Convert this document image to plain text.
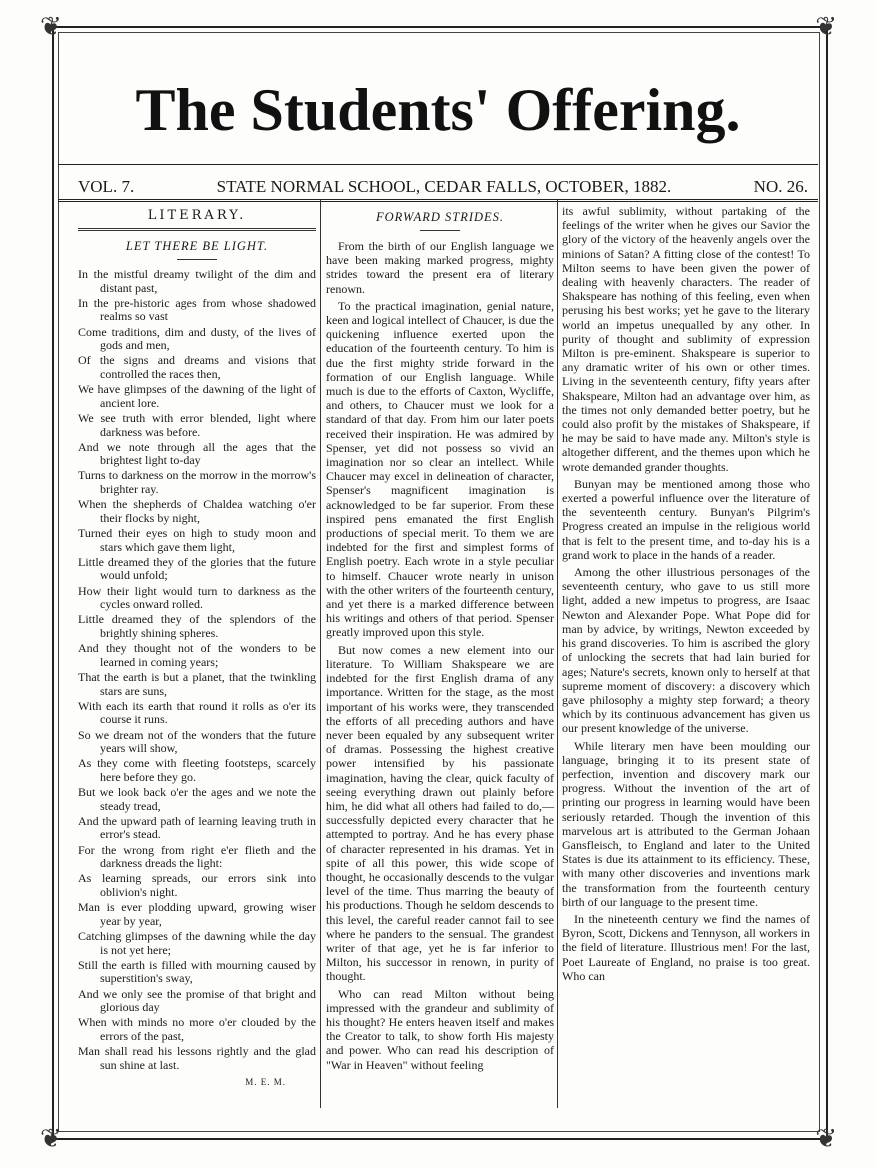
❦	❦
❦	❦
The Students' Offering.
VOL. 7.	STATE NORMAL SCHOOL, CEDAR FALLS, OCTOBER, 1882.	NO. 26.
LITERARY.
LET THERE BE LIGHT.

In the mistful dreamy twilight of the dim and distant past,

In the pre-historic ages from whose shadowed realms so vast

Come traditions, dim and dusty, of the lives of gods and men,

Of the signs and dreams and visions that controlled the races then,

We have glimpses of the dawning of the light of ancient lore.

We see truth with error blended, light where darkness was before.

And we note through all the ages that the brightest light to-day

Turns to darkness on the morrow in the morrow's brighter ray.

When the shepherds of Chaldea watching o'er their flocks by night,

Turned their eyes on high to study moon and stars which gave them light,

Little dreamed they of the glories that the future would unfold;

How their light would turn to darkness as the cycles onward rolled.

Little dreamed they of the splendors of the brightly shining spheres.

And they thought not of the wonders to be learned in coming years;

That the earth is but a planet, that the twinkling stars are suns,

With each its earth that round it rolls as o'er its course it runs.

So we dream not of the wonders that the future years will show,

As they come with fleeting footsteps, scarcely here before they go.

But we look back o'er the ages and we note the steady tread,

And the upward path of learning leaving truth in error's stead.

For the wrong from right e'er flieth and the darkness dreads the light:

As learning spreads, our errors sink into oblivion's night.

Man is ever plodding upward, growing wiser year by year,

Catching glimpses of the dawning while the day is not yet here;

Still the earth is filled with mourning caused by superstition's sway,

And we only see the promise of that bright and glorious day

When with minds no more o'er clouded by the errors of the past,

Man shall read his lessons rightly and the glad sun shine at last.

M. E. M.
FORWARD STRIDES.

From the birth of our English language we have been making marked progress, mighty strides toward the present era of literary renown.

To the practical imagination, genial nature, keen and logical intellect of Chaucer, is due the quickening influence exerted upon the education of the fourteenth century. To him is due the first mighty stride forward in the formation of our English language. While much is due to the efforts of Caxton, Wycliffe, and others, to Chaucer must we look for a standard of that day. From him our later poets received their inspiration. He was admired by Spenser, yet did not possess so vivid an imagination nor so clear an intellect. While Chaucer may excel in delineation of character, Spenser's magnificent imagination is acknowledged to be far superior. From these inspired pens emanated the first English productions of special merit. To them we are indebted for the first and simplest forms of English poetry. Each wrote in a style peculiar to himself. Chaucer wrote nearly in unison with the other writers of the fourteenth century, and yet there is a marked difference between his writings and others of that period. Spenser greatly improved upon this style.

But now comes a new element into our literature. To William Shakspeare we are indebted for the first English drama of any importance. Written for the stage, as the most important of his works were, they transcended the efforts of all preceding authors and have never been equaled by any subsequent writer of dramas. Possessing the highest creative power intensified by his passionate imagination, having the clear, quick faculty of seeing everything drawn out plainly before him, he did what all others had failed to do,—successfully depicted every character that he attempted to portray. And he has every phase of character represented in his dramas. Yet in spite of all this power, this wide scope of thought, he occasionally descends to the vulgar level of the time. Thus marring the beauty of his productions. Though he seldom descends to this level, the careful reader cannot fail to see where he panders to the sensual. The grandest writer of that age, yet he is far inferior to Milton, his successor in renown, in purity of thought.

Who can read Milton without being impressed with the grandeur and sublimity of his thought? He enters heaven itself and makes the Creator to talk, to show forth His majesty and power. Who can read his description of "War in Heaven" without feeling

its awful sublimity, without partaking of the feelings of the writer when he gives our Savior the glory of the victory of the heavenly angels over the minions of Satan? A fitting close of the contest! To Milton seems to have been given the power of dealing with heavenly characters. The reader of Shakspeare has nothing of this feeling, even when perusing his best works; yet he gave to the literary world an impetus unequalled by any other. In purity of thought and sublimity of expression Milton is pre-eminent. Shakspeare is superior to any dramatic writer of his own or other times. Living in the seventeenth century, fifty years after Shakspeare, Milton had an advantage over him, as the times not only demanded better poetry, but he could also profit by the mistakes of Shakspeare, if he may be said to have made any. Milton's style is altogether different, and the themes upon which he wrote demanded grander thoughts.

Bunyan may be mentioned among those who exerted a powerful influence over the literature of the seventeenth century. Bunyan's Pilgrim's Progress created an impulse in the religious world that is felt to the present time, and to-day his is a grand work to place in the hands of a reader.

Among the other illustrious personages of the seventeenth century, who gave to us still more light, added a new impetus to progress, are Isaac Newton and Alexander Pope. What Pope did for man by advice, by writings, Newton exceeded by his grand discoveries. To him is ascribed the glory of unlocking the secrets that had lain buried for ages; Nature's secrets, known only to herself at that supreme moment of discovery: a discovery which gave philosophy a mighty step forward; a theory which by its continuous advancement has given us our present knowledge of the universe.

While literary men have been moulding our language, bringing it to its present state of perfection, invention and discovery mark our progress. Without the invention of the art of printing our progress in learning would have been seriously retarded. Though the invention of this marvelous art is attributed to the German Johaan Gansfleisch, to England and later to the United States is due its attainment to its efficiency. These, with many other discoveries and inventions mark the transformation from the fourteenth century birth of our language to the present time.

In the nineteenth century we find the names of Byron, Scott, Dickens and Tennyson, all workers in the field of literature. Illustrious men! For the last, Poet Laureate of England, no praise is too great. Who can
